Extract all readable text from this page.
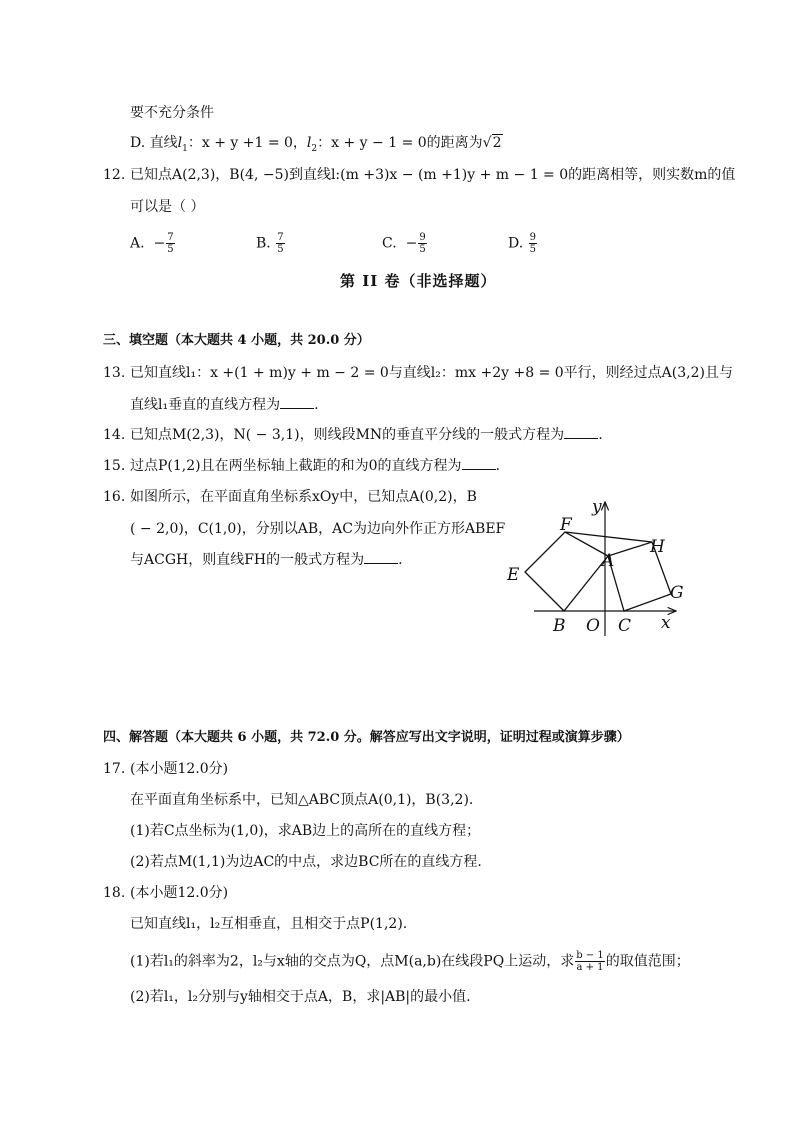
要不充分条件
D. 直线$l_1$：x + y +1 = 0，$l_2$：x + y − 1 = 0的距离为√2
12. 已知点A(2,3)，B(4, −5)到直线l:(m +3)x − (m +1)y + m − 1 = 0的距离相等，则实数m的值
可以是（ ）
A. − $\frac{7}{5}$	B. $\frac{7}{5}$	C. − $\frac{9}{5}$	D. $\frac{9}{5}$
第 II 卷（非选择题）
三、填空题（本大题共 4 小题，共 20.0 分）
13. 已知直线l₁：x +(1 + m)y + m − 2 = 0与直线l₂：mx +2y +8 = 0平行，则经过点A(3,2)且与
直线l₁垂直的直线方程为 .
14. 已知点M(2,3)，N( − 3,1)，则线段MN的垂直平分线的一般式方程为 .
15. 过点P(1,2)且在两坐标轴上截距的和为0的直线方程为 .
16. 如图所示，在平面直角坐标系xOy中，已知点A(0,2)，B
( − 2,0)，C(1,0)，分别以AB，AC为边向外作正方形ABEF
与ACGH，则直线FH的一般式方程为 .
y
x
O
A
B	C
E
F
G
H
四、解答题（本大题共 6 小题，共 72.0 分。解答应写出文字说明，证明过程或演算步骤）
17. (本小题12.0分)
在平面直角坐标系中，已知△ABC顶点A(0,1)，B(3,2).
(1)若C点坐标为(1,0)，求AB边上的高所在的直线方程；
(2)若点M(1,1)为边AC的中点，求边BC所在的直线方程.
18. (本小题12.0分)
已知直线l₁，l₂互相垂直，且相交于点P(1,2).
(1)若l₁的斜率为2，l₂与x轴的交点为Q，点M(a,b)在线段PQ上运动，求 $\frac{b - 1}{a + 1}$ 的取值范围；
(2)若l₁，l₂分别与y轴相交于点A，B，求|AB|的最小值.
